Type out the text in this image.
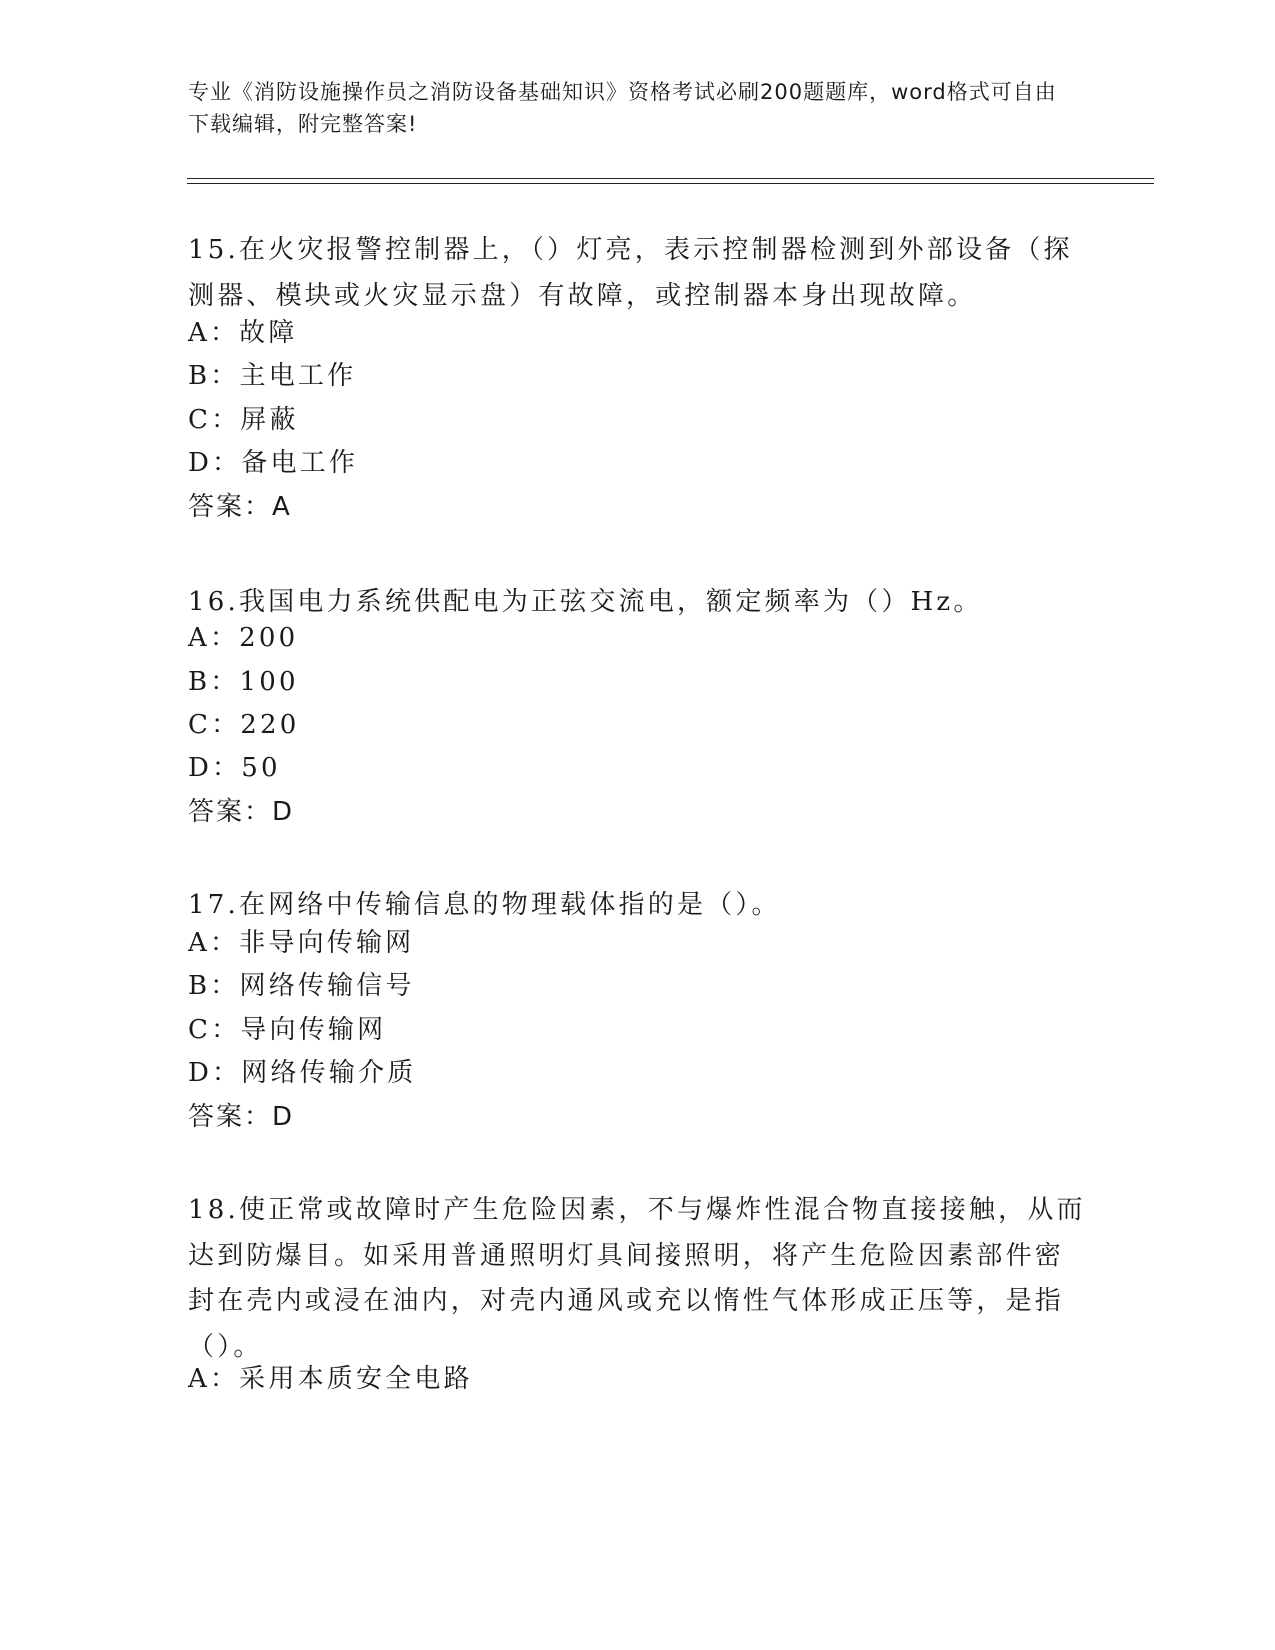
专业《消防设施操作员之消防设备基础知识》资格考试必刷200题题库，word格式可自由下载编辑，附完整答案!
15.在火灾报警控制器上，（）灯亮，表示控制器检测到外部设备（探测器、模块或火灾显示盘）有故障，或控制器本身出现故障。
A：故障
B：主电工作
C：屏蔽
D：备电工作
答案：A
16.我国电力系统供配电为正弦交流电，额定频率为（）Hz。
A：200
B：100
C：220
D：50
答案：D
17.在网络中传输信息的物理载体指的是（）。
A：非导向传输网
B：网络传输信号
C：导向传输网
D：网络传输介质
答案：D
18.使正常或故障时产生危险因素，不与爆炸性混合物直接接触，从而达到防爆目。如采用普通照明灯具间接照明，将产生危险因素部件密封在壳内或浸在油内，对壳内通风或充以惰性气体形成正压等，是指（）。
A：采用本质安全电路
